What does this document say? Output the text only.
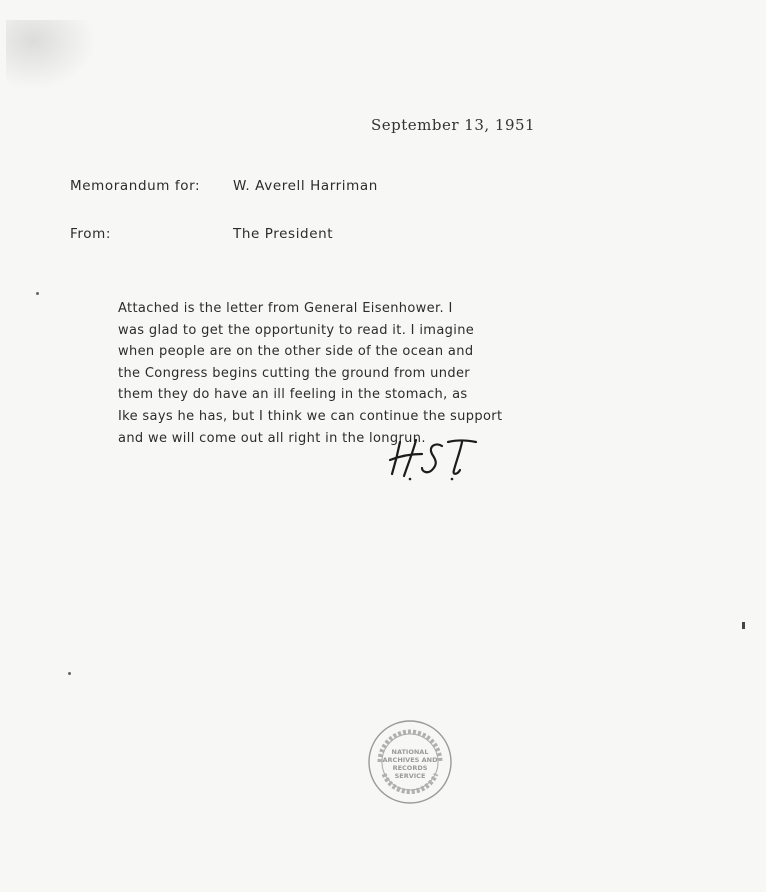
September 13, 1951
Memorandum for: W. Averell Harriman
From:	The President
Attached is the letter from General Eisenhower. I
was glad to get the opportunity to read it. I imagine
when people are on the other side of the ocean and
the Congress begins cutting the ground from under
them they do have an ill feeling in the stomach, as
Ike says he has, but I think we can continue the support
and we will come out all right in the longrun.
NATIONAL
ARCHIVES AND
RECORDS
SERVICE
